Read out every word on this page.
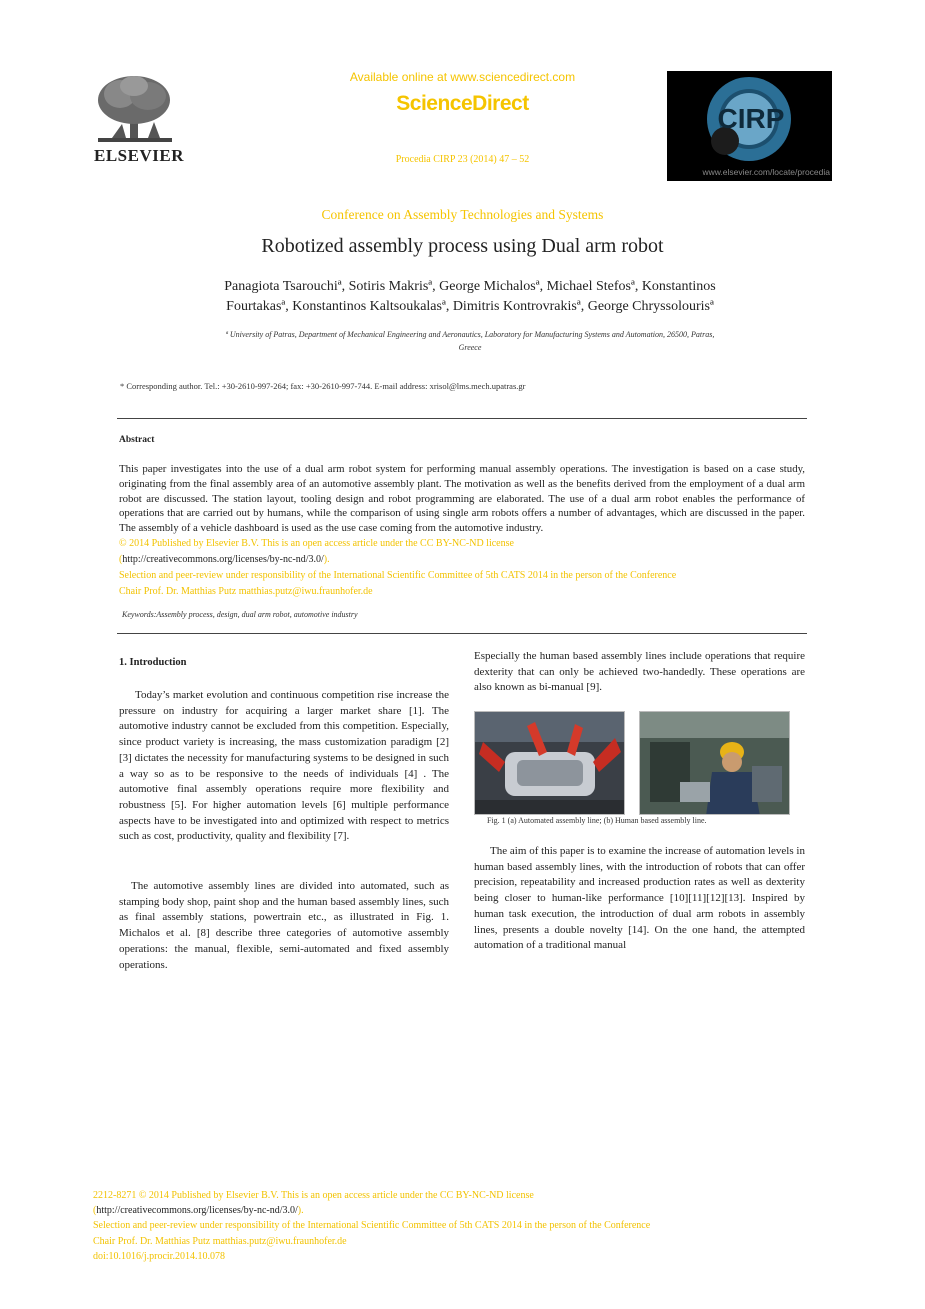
ELSEVIER
Available online at www.sciencedirect.com
ScienceDirect
Procedia CIRP 23 (2014) 47 – 52
CIRP
www.elsevier.com/locate/procedia
Conference on Assembly Technologies and Systems
Robotized assembly process using Dual arm robot
Panagiota Tsarouchiª, Sotiris Makrisª, George Michalosª, Michael Stefosª, Konstantinos
Fourtakasª, Konstantinos Kaltsoukalasª, Dimitris Kontrovrakisª, George Chryssolourisª
ª University of Patras, Department of Mechanical Engineering and Aeronautics, Laboratory for Manufacturing Systems and Automation, 26500, Patras,
Greece
* Corresponding author. Tel.: +30-2610-997-264; fax: +30-2610-997-744. E-mail address: xrisol@lms.mech.upatras.gr
Abstract
This paper investigates into the use of a dual arm robot system for performing manual assembly operations. The investigation is based on a case study, originating from the final assembly area of an automotive assembly plant. The motivation as well as the benefits derived from the employment of a dual arm robot are discussed. The station layout, tooling design and robot programming are elaborated. The use of a dual arm robot enables the performance of operations that are carried out by humans, while the comparison of using single arm robots offers a number of advantages, which are discussed in the paper. The assembly of a vehicle dashboard is used as the use case coming from the automotive industry.
© 2014 Published by Elsevier B.V. This is an open access article under the CC BY-NC-ND license
(http://creativecommons.org/licenses/by-nc-nd/3.0/).
Selection and peer-review under responsibility of the International Scientific Committee of 5th CATS 2014 in the person of the Conference
Chair Prof. Dr. Matthias Putz matthias.putz@iwu.fraunhofer.de
Keywords:Assembly process, design, dual arm robot, automotive industry
1. Introduction
Today’s market evolution and continuous competition rise increase the pressure on industry for acquiring a larger market share [1]. The automotive industry cannot be excluded from this competition. Especially, since product variety is increasing, the mass customization paradigm [2][3] dictates the necessity for manufacturing systems to be designed in such a way so as to be responsive to the needs of individuals [4] . The automotive final assembly operations require more flexibility and robustness [5]. For higher automation levels [6] multiple performance aspects have to be investigated into and optimized with respect to metrics such as cost, productivity, quality and flexibility [7].
The automotive assembly lines are divided into automated, such as stamping body shop, paint shop and the human based assembly lines, such as final assembly stations, powertrain etc., as illustrated in Fig. 1. Michalos et al. [8] describe three categories of automotive assembly operations: the manual, flexible, semi-automated and fixed assembly operations.
Especially the human based assembly lines include operations that require dexterity that can only be achieved two-handedly. These operations are also known as bi-manual [9].
Fig. 1 (a) Automated assembly line; (b) Human based assembly line.
The aim of this paper is to examine the increase of automation levels in human based assembly lines, with the introduction of robots that can offer precision, repeatability and increased production rates as well as dexterity being closer to human-like performance [10][11][12][13]. Inspired by human task execution, the introduction of dual arm robots in assembly lines, presents a double novelty [14]. On the one hand, the attempted automation of a traditional manual
2212-8271 © 2014 Published by Elsevier B.V. This is an open access article under the CC BY-NC-ND license
(http://creativecommons.org/licenses/by-nc-nd/3.0/).
Selection and peer-review under responsibility of the International Scientific Committee of 5th CATS 2014 in the person of the Conference
Chair Prof. Dr. Matthias Putz matthias.putz@iwu.fraunhofer.de
doi:10.1016/j.procir.2014.10.078
